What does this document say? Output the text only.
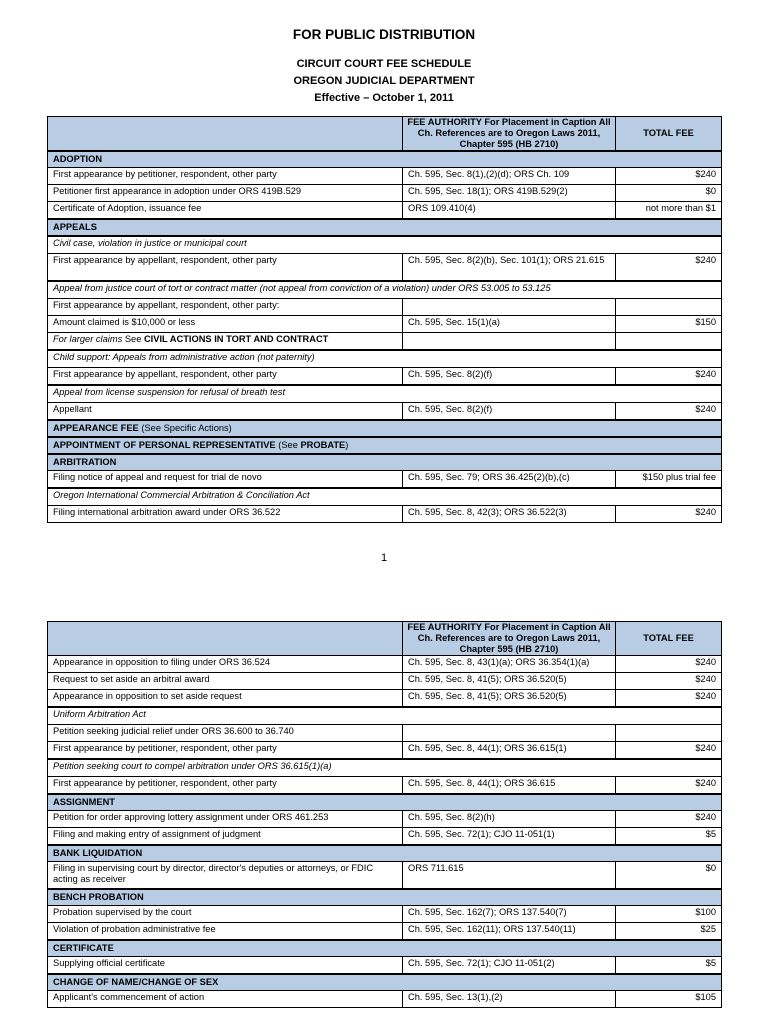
FOR PUBLIC DISTRIBUTION
CIRCUIT COURT FEE SCHEDULE
OREGON JUDICIAL DEPARTMENT
Effective – October 1, 2011
	FEE AUTHORITY For Placement in Caption All Ch. References are to Oregon Laws 2011, Chapter 595 (HB 2710)	TOTAL FEE
ADOPTION		
First appearance by petitioner, respondent, other party	Ch. 595, Sec. 8(1),(2)(d); ORS Ch. 109	$240
Petitioner first appearance in adoption under ORS 419B.529	Ch. 595, Sec. 18(1); ORS 419B.529(2)	$0
Certificate of Adoption, issuance fee	ORS 109.410(4)	not more than $1
APPEALS		
Civil case, violation in justice or municipal court		
First appearance by appellant, respondent, other party	Ch. 595, Sec. 8(2)(b), Sec. 101(1); ORS 21.615	$240
Appeal from justice court of tort or contract matter (not appeal from conviction of a violation) under ORS 53.005 to 53.125		
First appearance by appellant, respondent, other party:		
Amount claimed is $10,000 or less	Ch. 595, Sec. 15(1)(a)	$150
For larger claims See CIVIL ACTIONS IN TORT AND CONTRACT		
Child support: Appeals from administrative action (not paternity)		
First appearance by appellant, respondent, other party	Ch. 595, Sec. 8(2)(f)	$240
Appeal from license suspension for refusal of breath test		
Appellant	Ch. 595, Sec. 8(2)(f)	$240
APPEARANCE FEE (See Specific Actions)		
APPOINTMENT OF PERSONAL REPRESENTATIVE (See PROBATE)		
ARBITRATION		
Filing notice of appeal and request for trial de novo	Ch. 595, Sec. 79; ORS 36.425(2)(b),(c)	$150 plus trial fee
Oregon International Commercial Arbitration & Conciliation Act		
Filing international arbitration award under ORS 36.522	Ch. 595, Sec. 8, 42(3); ORS 36.522(3)	$240
1
	FEE AUTHORITY For Placement in Caption All Ch. References are to Oregon Laws 2011, Chapter 595 (HB 2710)	TOTAL FEE
Appearance in opposition to filing under ORS 36.524	Ch. 595, Sec. 8, 43(1)(a); ORS 36.354(1)(a)	$240
Request to set aside an arbitral award	Ch. 595, Sec. 8, 41(5); ORS 36.520(5)	$240
Appearance in opposition to set aside request	Ch. 595, Sec. 8, 41(5); ORS 36.520(5)	$240
Uniform Arbitration Act		
Petition seeking judicial relief under ORS 36.600 to 36.740		
First appearance by petitioner, respondent, other party	Ch. 595, Sec. 8, 44(1); ORS 36.615(1)	$240
Petition seeking court to compel arbitration under ORS 36.615(1)(a)		
First appearance by petitioner, respondent, other party	Ch. 595, Sec. 8, 44(1); ORS 36.615	$240
ASSIGNMENT		
Petition for order approving lottery assignment under ORS 461.253	Ch. 595, Sec. 8(2)(h)	$240
Filing and making entry of assignment of judgment	Ch. 595, Sec. 72(1); CJO 11-051(1)	$5
BANK LIQUIDATION		
Filing in supervising court by director, director's deputies or attorneys, or FDIC acting as receiver	ORS 711.615	$0
BENCH PROBATION		
Probation supervised by the court	Ch. 595, Sec. 162(7); ORS 137.540(7)	$100
Violation of probation administrative fee	Ch. 595, Sec. 162(11); ORS 137.540(11)	$25
CERTIFICATE		
Supplying official certificate	Ch. 595, Sec. 72(1); CJO 11-051(2)	$5
CHANGE OF NAME/CHANGE OF SEX		
Applicant's commencement of action	Ch. 595, Sec. 13(1),(2)	$105
